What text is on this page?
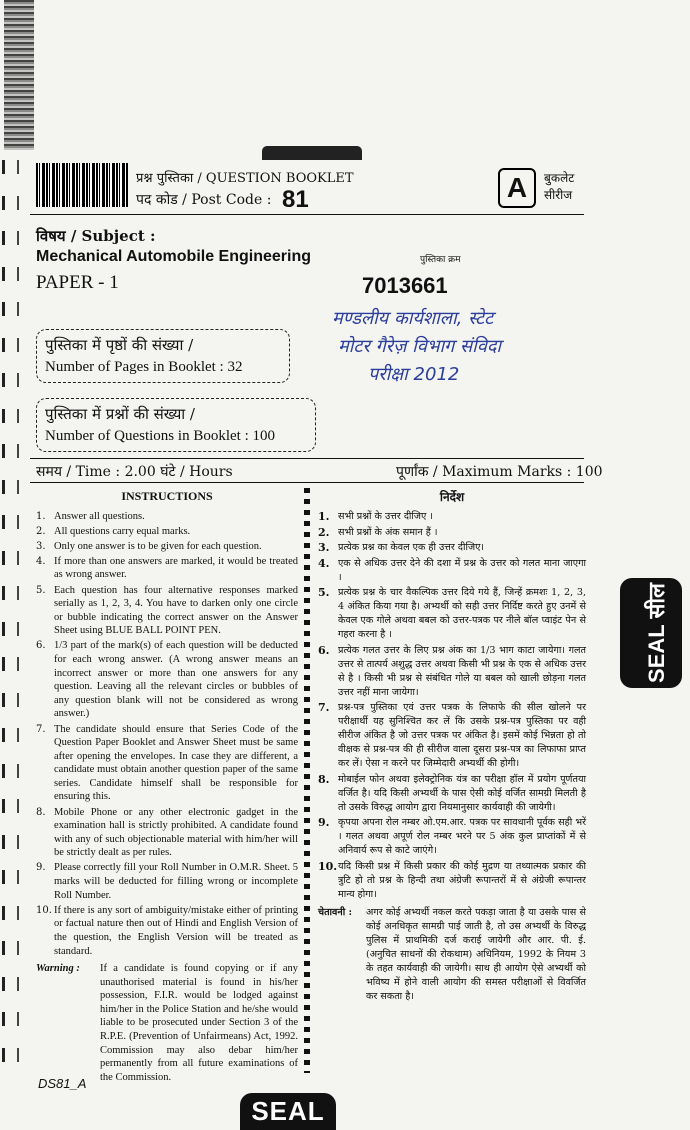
प्रश्न पुस्तिका / QUESTION BOOKLET
पद कोड / Post Code : 81	A	बुकलेट
सीरीज
विषय / Subject :
Mechanical Automobile Engineering
PAPER - 1
पुस्तिका क्रम
7013661
मण्डलीय कार्यशाला, स्टेट
मोटर गैरेज़ विभाग संविदा
परीक्षा 2012
पुस्तिका में पृष्ठों की संख्या /
Number of Pages in Booklet : 32
पुस्तिका में प्रश्नों की संख्या /
Number of Questions in Booklet : 100
समय / Time : 2.00 घंटे / Hours	पूर्णांक / Maximum Marks : 100
INSTRUCTIONS
1. Answer all questions.
2. All questions carry equal marks.
3. Only one answer is to be given for each question.
4. If more than one answers are marked, it would be treated as wrong answer.
5. Each question has four alternative responses marked serially as 1, 2, 3, 4. You have to darken only one circle or bubble indicating the correct answer on the Answer Sheet using BLUE BALL POINT PEN.
6. 1/3 part of the mark(s) of each question will be deducted for each wrong answer. (A wrong answer means an incorrect answer or more than one answers for any question. Leaving all the relevant circles or bubbles of any question blank will not be considered as wrong answer.)
7. The candidate should ensure that Series Code of the Question Paper Booklet and Answer Sheet must be same after opening the envelopes. In case they are different, a candidate must obtain another question paper of the same series. Candidate himself shall be responsible for ensuring this.
8. Mobile Phone or any other electronic gadget in the examination hall is strictly prohibited. A candidate found with any of such objectionable material with him/her will be strictly dealt as per rules.
9. Please correctly fill your Roll Number in O.M.R. Sheet. 5 marks will be deducted for filling wrong or incomplete Roll Number.
10. If there is any sort of ambiguity/mistake either of printing or factual nature then out of Hindi and English Version of the question, the English Version will be treated as standard.
Warning :	If a candidate is found copying or if any unauthorised material is found in his/her possession, F.I.R. would be lodged against him/her in the Police Station and he/she would liable to be prosecuted under Section 3 of the R.P.E. (Prevention of Unfairmeans) Act, 1992. Commission may also debar him/her permanently from all future examinations of the Commission.
निर्देश
1. सभी प्रश्नों के उत्तर दीजिए ।
2. सभी प्रश्नों के अंक समान हैं ।
3. प्रत्येक प्रश्न का केवल एक ही उत्तर दीजिए।
4. एक से अधिक उत्तर देने की दशा में प्रश्न के उत्तर को गलत माना जाएगा ।
5. प्रत्येक प्रश्न के चार वैकल्पिक उत्तर दिये गये हैं, जिन्हें क्रमशः 1, 2, 3, 4 अंकित किया गया है। अभ्यर्थी को सही उत्तर निर्दिष्ट करते हुए उनमें से केवल एक गोले अथवा बबल को उत्तर-पत्रक पर नीले बॉल प्वाइंट पेन से गहरा करना है ।
6. प्रत्येक गलत उत्तर के लिए प्रश्न अंक का 1/3 भाग काटा जायेगा। गलत उत्तर से तात्पर्य अशुद्ध उत्तर अथवा किसी भी प्रश्न के एक से अधिक उत्तर से है । किसी भी प्रश्न से संबंधित गोले या बबल को खाली छोड़ना गलत उत्तर नहीं माना जायेगा।
7. प्रश्न-पत्र पुस्तिका एवं उत्तर पत्रक के लिफाफे की सील खोलने पर परीक्षार्थी यह सुनिश्चित कर लें कि उसके प्रश्न-पत्र पुस्तिका पर वही सीरीज अंकित है जो उत्तर पत्रक पर अंकित है। इसमें कोई भिन्नता हो तो वीक्षक से प्रश्न-पत्र की ही सीरीज वाला दूसरा प्रश्न-पत्र का लिफाफा प्राप्त कर लें। ऐसा न करने पर जिम्मेदारी अभ्यर्थी की होगी।
8. मोबाईल फोन अथवा इलेक्ट्रोनिक यंत्र का परीक्षा हॉल में प्रयोग पूर्णतया वर्जित है। यदि किसी अभ्यर्थी के पास ऐसी कोई वर्जित सामग्री मिलती है तो उसके विरुद्ध आयोग द्वारा नियमानुसार कार्यवाही की जायेगी।
9. कृपया अपना रोल नम्बर ओ.एम.आर. पत्रक पर सावधानी पूर्वक सही भरें । गलत अथवा अपूर्ण रोल नम्बर भरने पर 5 अंक कुल प्राप्तांकों में से अनिवार्य रूप से काटे जाएंगे।
10. यदि किसी प्रश्न में किसी प्रकार की कोई मुद्रण या तथ्यात्मक प्रकार की त्रुटि हो तो प्रश्न के हिन्दी तथा अंग्रेजी रूपान्तरों में से अंग्रेजी रूपान्तर मान्य होगा।
चेतावनी :	अगर कोई अभ्यर्थी नकल करते पकड़ा जाता है या उसके पास से कोई अनधिकृत सामग्री पाई जाती है, तो उस अभ्यर्थी के विरुद्ध पुलिस में प्राथमिकी दर्ज कराई जायेगी और आर. पी. ई. (अनुचित साधनों की रोकथाम) अधिनियम, 1992 के नियम 3 के तहत कार्यवाही की जायेगी। साथ ही आयोग ऐसे अभ्यर्थी को भविष्य में होने वाली आयोग की समस्त परीक्षाओं से विवर्जित कर सकता है।
SEAL सील
DS81_A
SEAL
